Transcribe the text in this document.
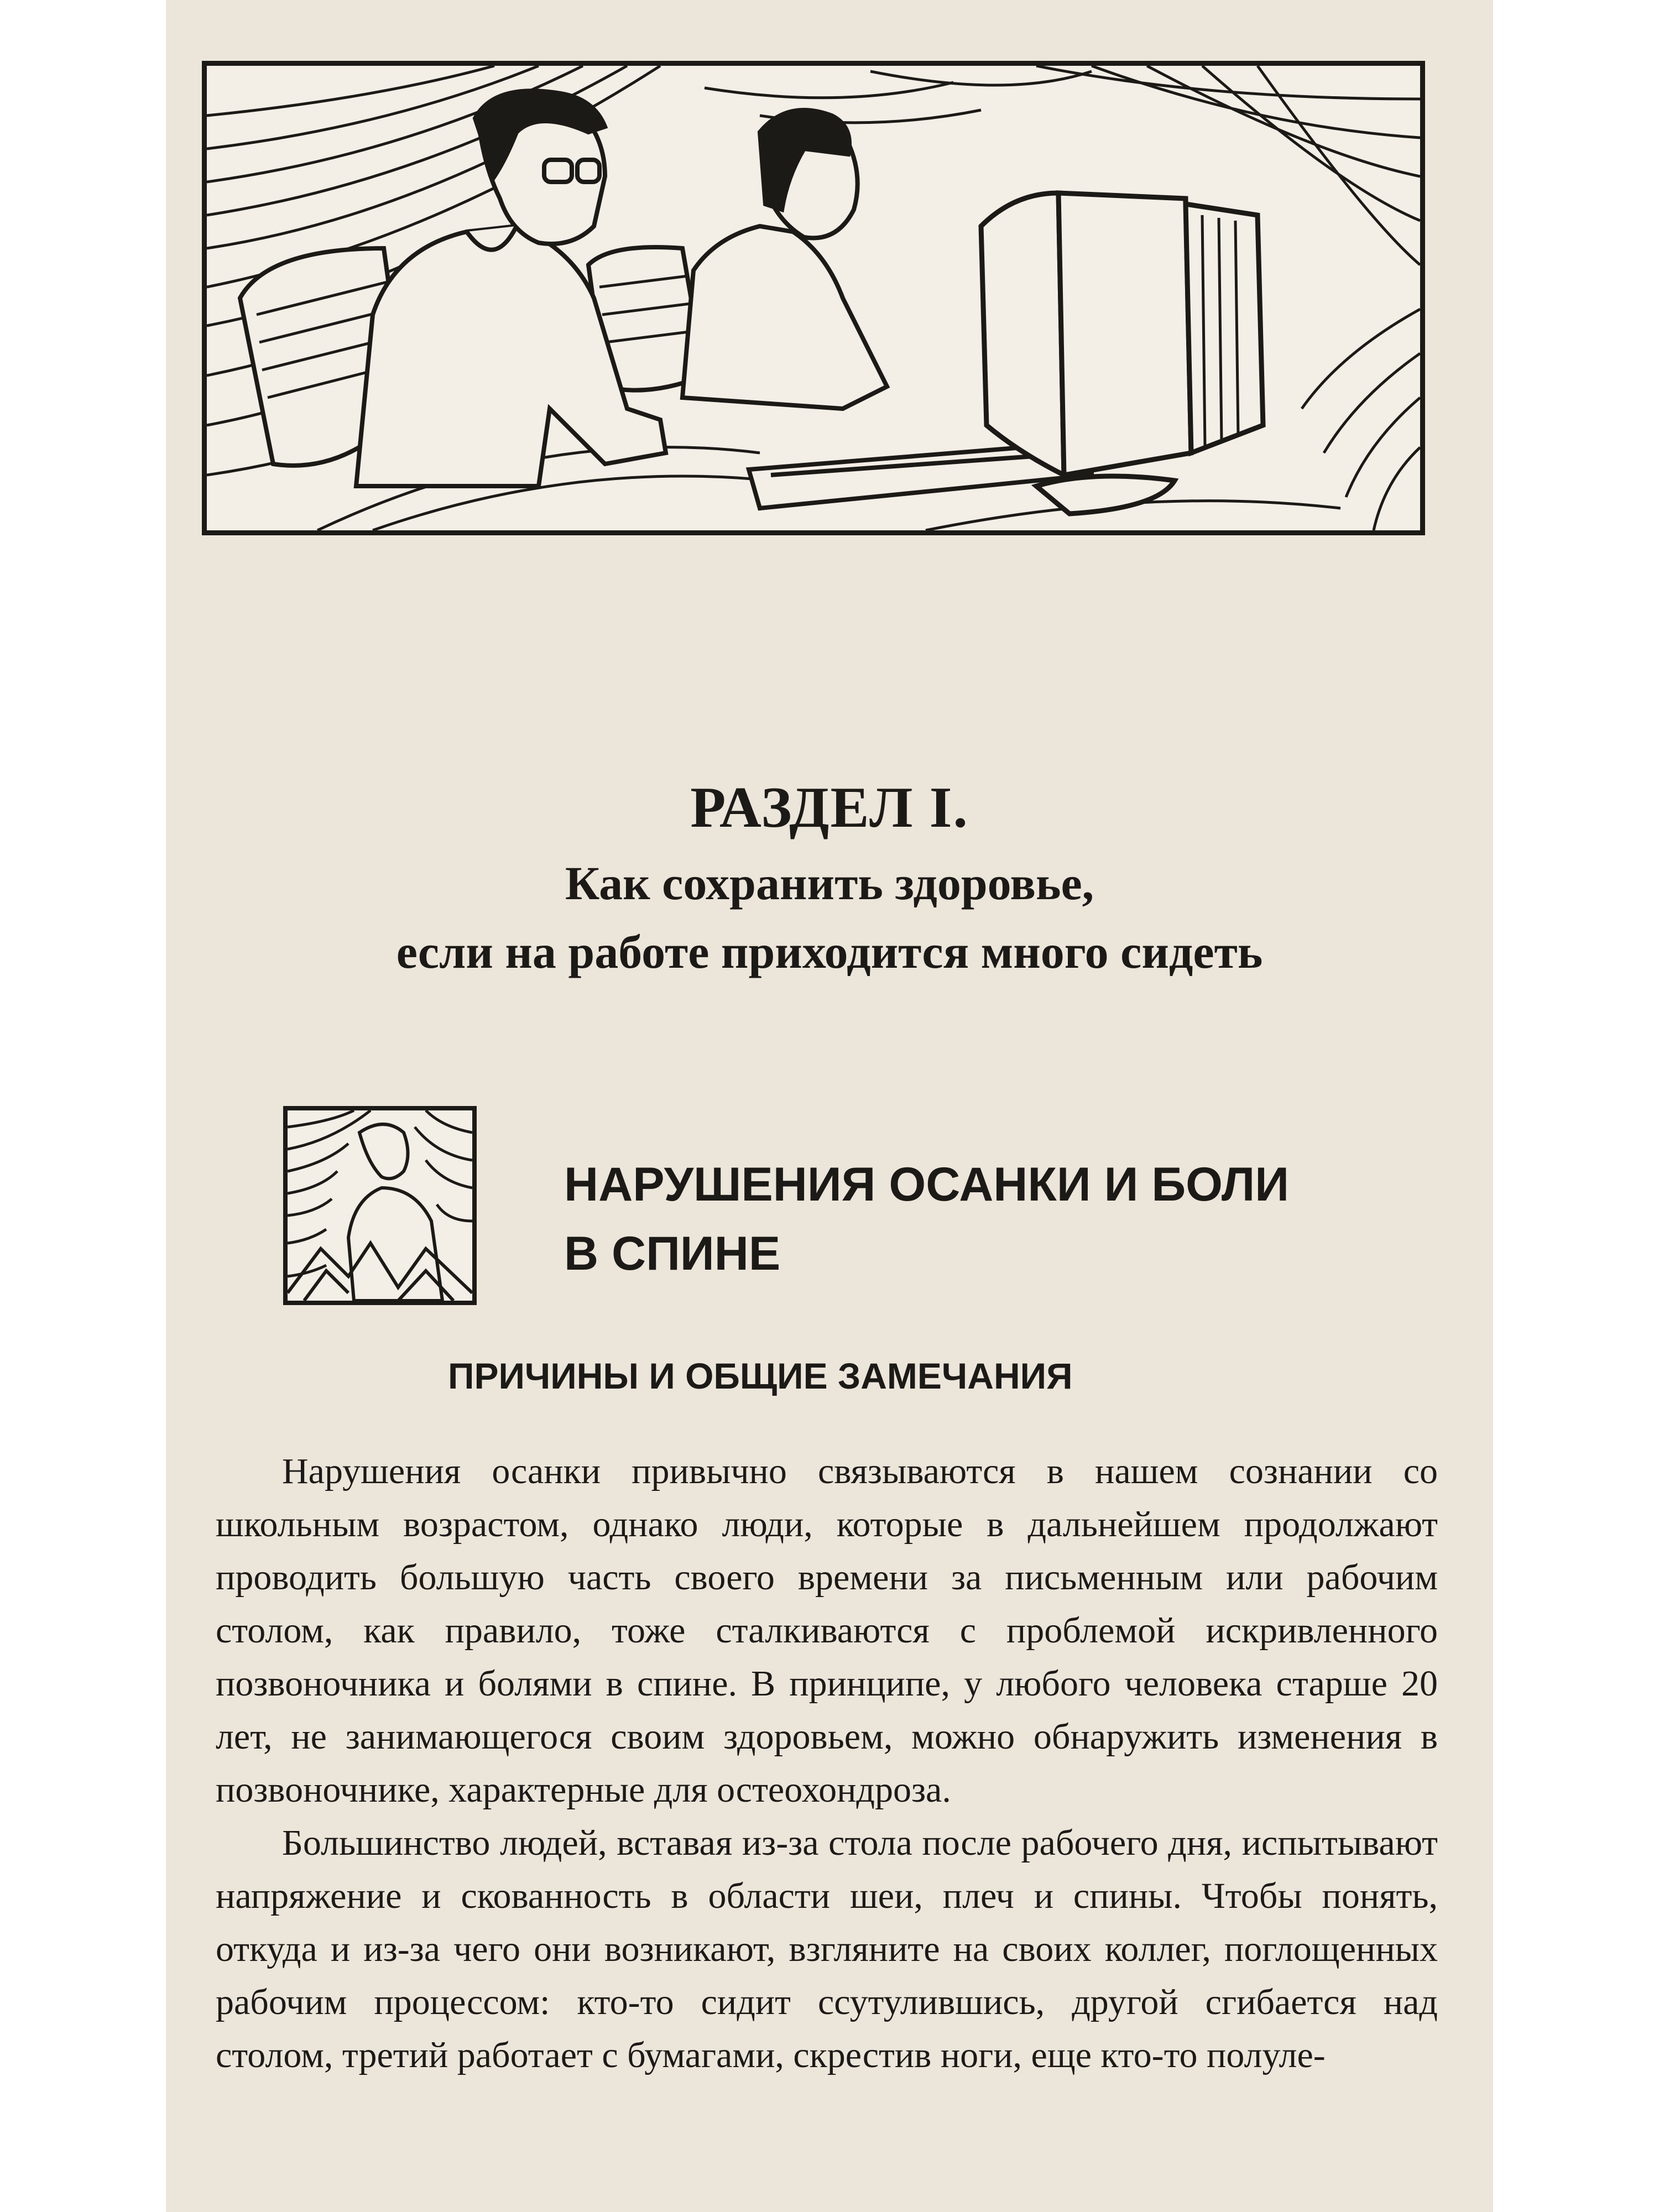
РАЗДЕЛ I.
Как сохранить здоровье,
если на работе приходится много сидеть
НАРУШЕНИЯ ОСАНКИ И БОЛИ
В СПИНЕ
ПРИЧИНЫ И ОБЩИЕ ЗАМЕЧАНИЯ

Нарушения осанки привычно связываются в нашем сознании со школьным возрастом, однако люди, которые в дальнейшем продолжают проводить большую часть своего времени за письменным или рабочим столом, как правило, тоже сталкиваются с проблемой искривленного позвоночника и болями в спине. В принципе, у любого человека старше 20 лет, не занимающегося своим здоровьем, можно обнаружить изменения в позвоночнике, характерные для остеохондроза.

Большинство людей, вставая из-за стола после рабочего дня, испытывают напряжение и скованность в области шеи, плеч и спины. Чтобы понять, откуда и из-за чего они возникают, взгляните на своих коллег, поглощенных рабочим процессом: кто-то сидит ссутулившись, другой сгибается над столом, третий работает с бумагами, скрестив ноги, еще кто-то полуле-
